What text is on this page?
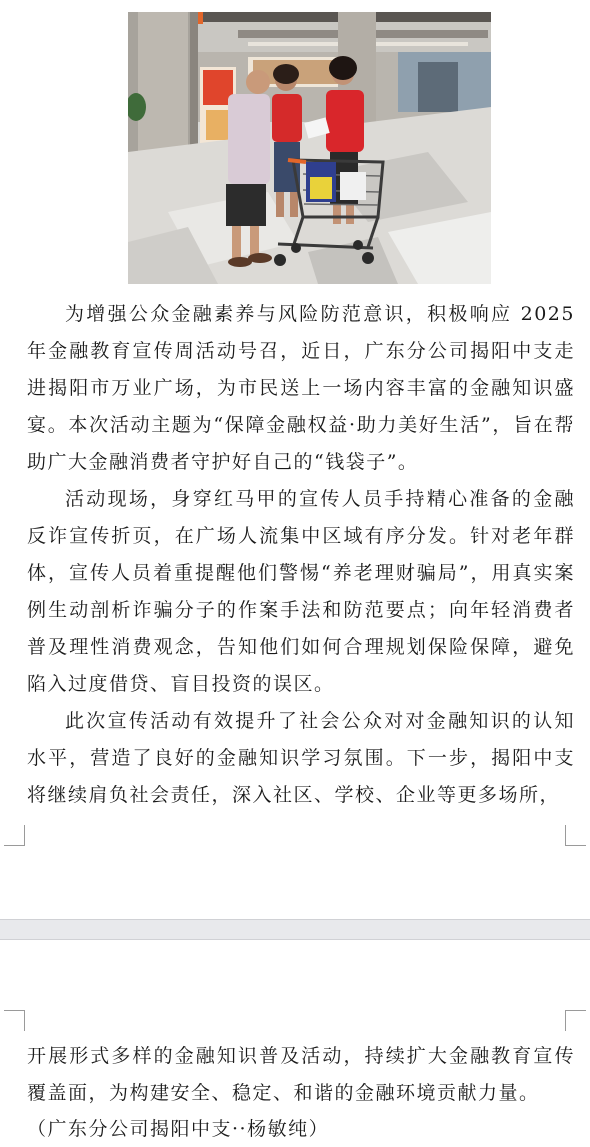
为增强公众金融素养与风险防范意识，积极响应 2025 年金融教育宣传周活动号召，近日，广东分公司揭阳中支走进揭阳市万业广场，为市民送上一场内容丰富的金融知识盛宴。本次活动主题为“保障金融权益·助力美好生活”，旨在帮助广大金融消费者守护好自己的“钱袋子”。

活动现场，身穿红马甲的宣传人员手持精心准备的金融反诈宣传折页，在广场人流集中区域有序分发。针对老年群体，宣传人员着重提醒他们警惕“养老理财骗局”，用真实案例生动剖析诈骗分子的作案手法和防范要点；向年轻消费者普及理性消费观念，告知他们如何合理规划保险保障，避免陷入过度借贷、盲目投资的误区。

此次宣传活动有效提升了社会公众对对金融知识的认知水平，营造了良好的金融知识学习氛围。下一步，揭阳中支将继续肩负社会责任，深入社区、学校、企业等更多场所，

开展形式多样的金融知识普及活动，持续扩大金融教育宣传覆盖面，为构建安全、稳定、和谐的金融环境贡献力量。

（广东分公司揭阳中支··杨敏纯）
